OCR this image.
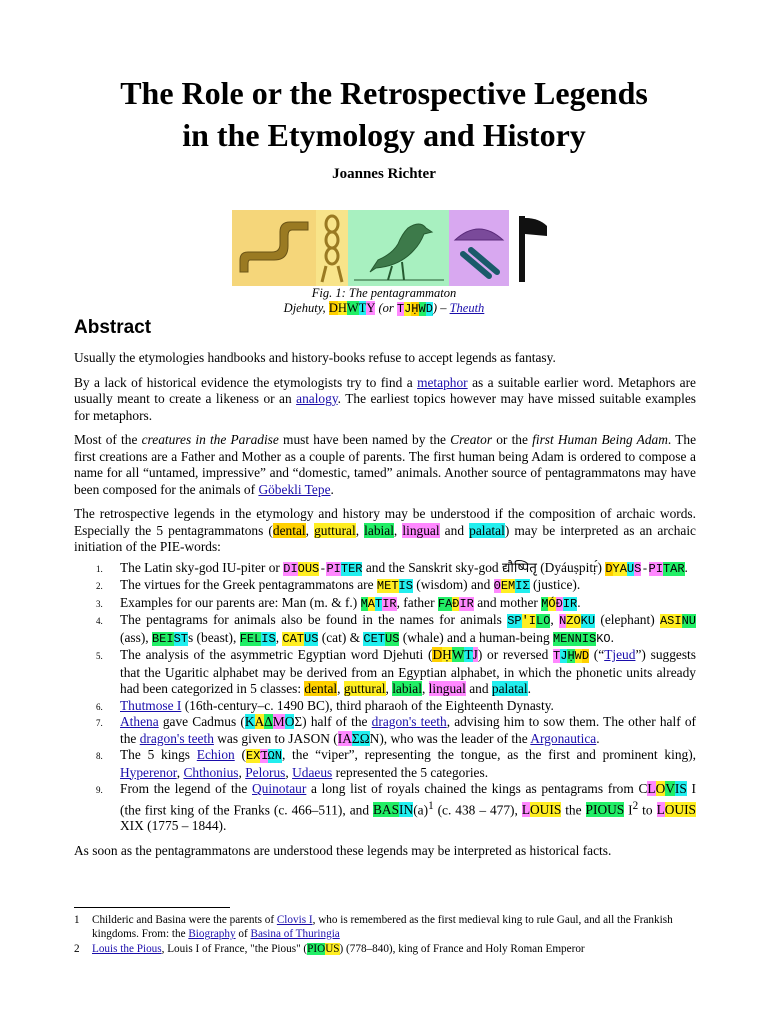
The Role or the Retrospective Legends
in the Etymology and History
Joannes Richter
Fig. 1: The pentagrammaton
Djehuty, DHWTY (or TJḤWD) – Theuth
Abstract

Usually the etymologies handbooks and history-books refuse to accept legends as fantasy.

By a lack of historical evidence the etymologists try to find a metaphor as a suitable earlier word. Metaphors are usually meant to create a likeness or an analogy. The earliest topics however may have missed suitable examples for metaphors.

Most of the creatures in the Paradise must have been named by the Creator or the first Human Being Adam. The first creations are a Father and Mother as a couple of parents. The first human being Adam is ordered to compose a name for all “untamed, impressive” and “domestic, tamed” animals. Another source of pentagrammatons may have been composed for the animals of Göbekli Tepe.

The retrospective legends in the etymology and history may be understood if the composition of archaic words. Especially the 5 pentagrammatons (dental, guttural, labial, lingual and palatal) may be interpreted as an archaic initiation of the PIE-words:

1. The Latin sky-god IU-piter or DIOUS-PITER and the Sanskrit sky-god द्यौष्पितृ (Dyáuṣpitṛ́) DYAUS-PITAR.
2. The virtues for the Greek pentagrammatons are METIS (wisdom) and ΘEMIΣ (justice).
3. Examples for our parents are: Man (m. & f.) MATIR, father FAÐIR and mother MÓÐIR.
4. The pentagrams for animals also be found in the names for animals SP'ILO, NZOKU (elephant) ASINU (ass), BEISTs (beast), FELIS, CATUS (cat) & CETUS (whale) and a human-being MENNISKO.
5. The analysis of the asymmetric Egyptian word Djehuti (DḤWTJ) or reversed TJḤWD (“Tjeud”) suggests that the Ugaritic alphabet may be derived from an Egyptian alphabet, in which the phonetic units already had been categorized in 5 classes: dental, guttural, labial, lingual and palatal.
6. Thutmose I (16th-century–c. 1490 BC), third pharaoh of the Eighteenth Dynasty.
7. Athena gave Cadmus (KΑΔΜΟΣ) half of the dragon's teeth, advising him to sow them. The other half of the dragon's teeth was given to JASON (ΙΑΣΩΝ), who was the leader of the Argonautica.
8. The 5 kings Echion (ΕΧΊΩΝ, the “viper”, representing the tongue, as the first and prominent king), Hyperenor, Chthonius, Pelorus, Udaeus represented the 5 categories.
9. From the legend of the Quinotaur a long list of royals chained the kings as pentagrams from CLOVIS I (the first king of the Franks (c. 466–511), and $BASIN(a)^1$ (c. 438 – 477), LOUIS the PIOUS $I^2$ to LOUIS XIX (1775 – 1844).

As soon as the pentagrammatons are understood these legends may be interpreted as historical facts.

1 Childeric and Basina were the parents of Clovis I, who is remembered as the first medieval king to rule Gaul, and all the Frankish kingdoms. From: the Biography of Basina of Thuringia
2 Louis the Pious, Louis I of France, "the Pious" (PIOUS) (778–840), king of France and Holy Roman Emperor
